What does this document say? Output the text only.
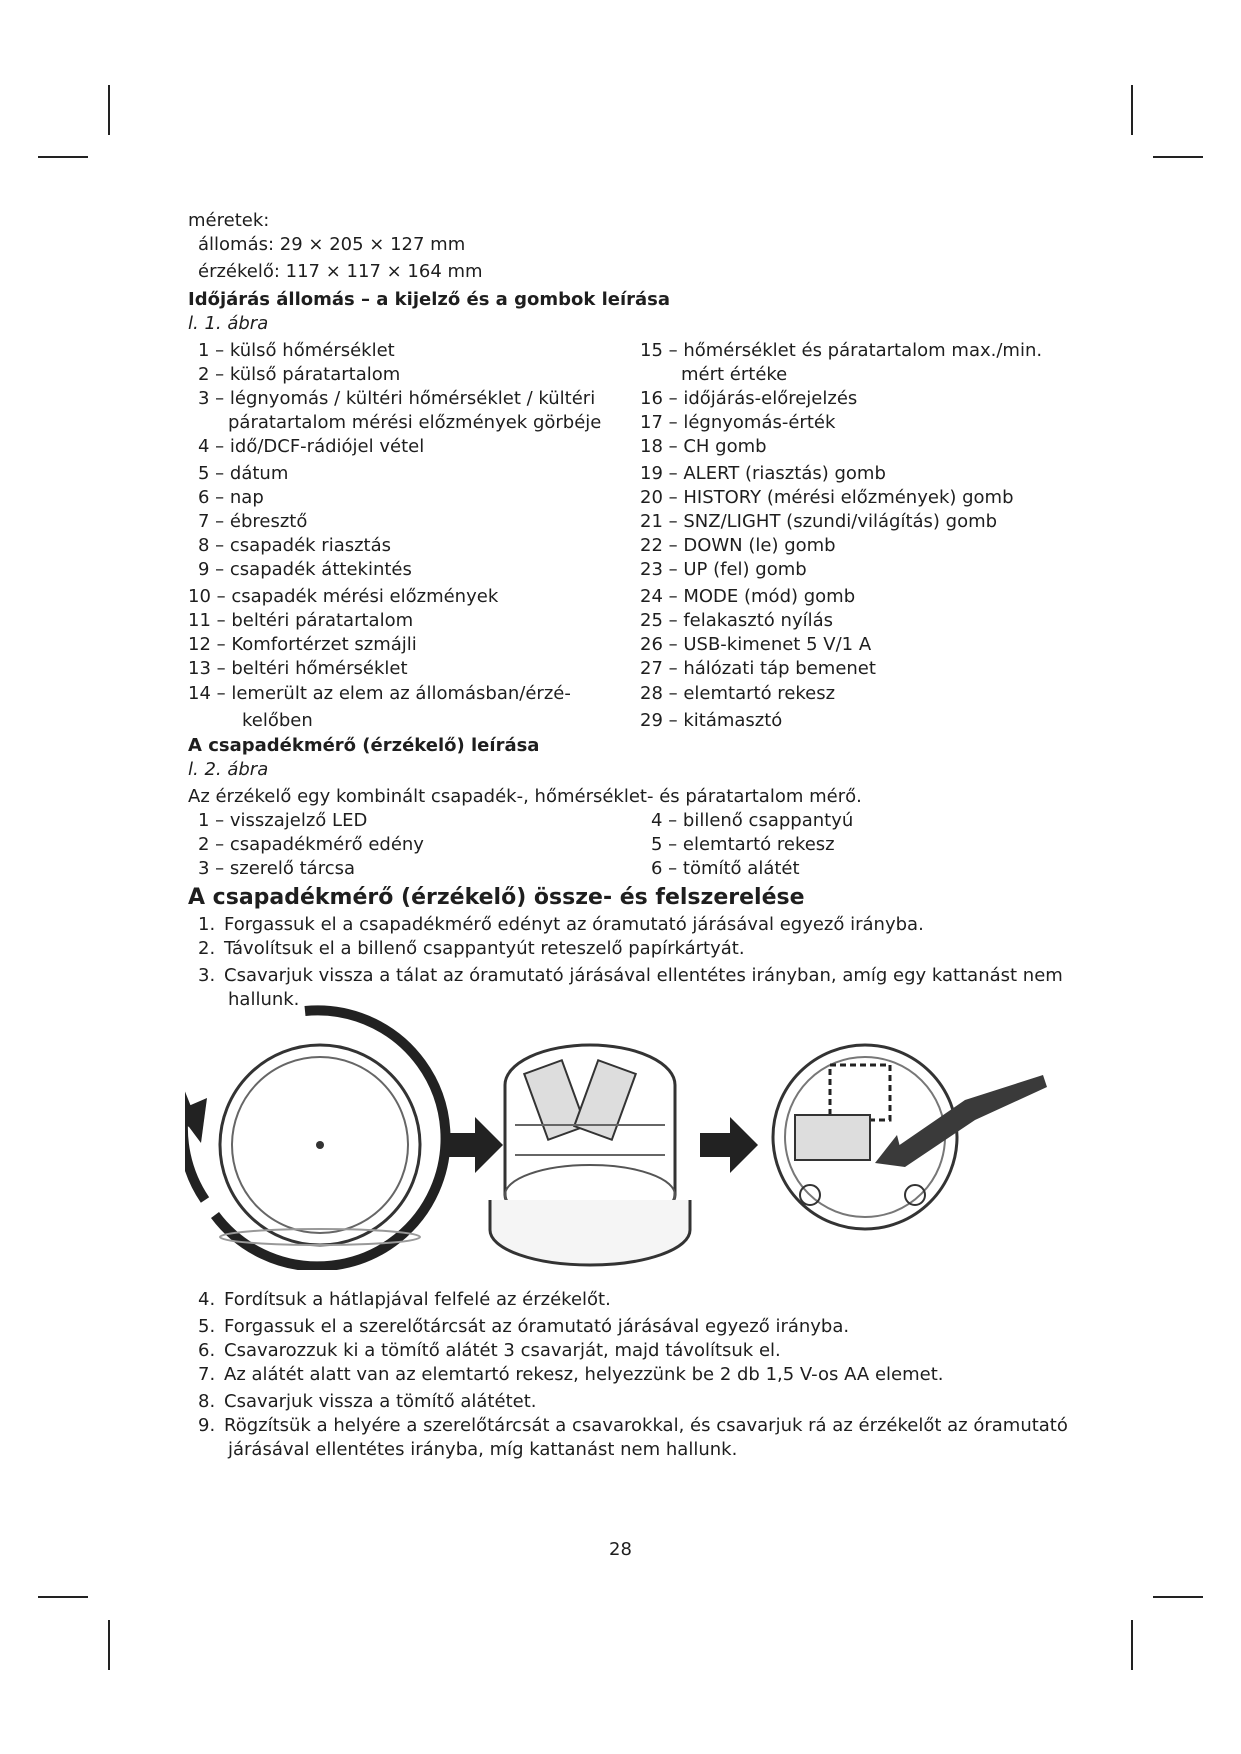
méretek:
állomás: 29 × 205 × 127 mm
érzékelő: 117 × 117 × 164 mm
Időjárás állomás – a kijelző és a gombok leírása
l. 1. ábra
1 – külső hőmérséklet
2 – külső páratartalom
3 – légnyomás / kültéri hőmérséklet / kültéri
páratartalom mérési előzmények görbéje
4 – idő/DCF-rádiójel vétel
5 – dátum
6 – nap
7 – ébresztő
8 – csapadék riasztás
9 – csapadék áttekintés
10 – csapadék mérési előzmények
11 – beltéri páratartalom
12 – Komfortérzet szmájli
13 – beltéri hőmérséklet
14 – lemerült az elem az állomásban/érzé-
kelőben
15 – hőmérséklet és páratartalom max./min.
mért értéke
16 – időjárás-előrejelzés
17 – légnyomás-érték
18 – CH gomb
19 – ALERT (riasztás) gomb
20 – HISTORY (mérési előzmények) gomb
21 – SNZ/LIGHT (szundi/világítás) gomb
22 – DOWN (le) gomb
23 – UP (fel) gomb
24 – MODE (mód) gomb
25 – felakasztó nyílás
26 – USB-kimenet 5 V/1 A
27 – hálózati táp bemenet
28 – elemtartó rekesz
29 – kitámasztó
A csapadékmérő (érzékelő) leírása
l. 2. ábra
Az érzékelő egy kombinált csapadék-, hőmérséklet- és páratartalom mérő.
1 – visszajelző LED
2 – csapadékmérő edény
3 – szerelő tárcsa
4 – billenő csappantyú
5 – elemtartó rekesz
6 – tömítő alátét
A csapadékmérő (érzékelő) össze- és felszerelése
1. Forgassuk el a csapadékmérő edényt az óramutató járásával egyező irányba.
2. Távolítsuk el a billenő csappantyút reteszelő papírkártyát.
3. Csavarjuk vissza a tálat az óramutató járásával ellentétes irányban, amíg egy kattanást nem
hallunk.
4. Fordítsuk a hátlapjával felfelé az érzékelőt.
5. Forgassuk el a szerelőtárcsát az óramutató járásával egyező irányba.
6. Csavarozzuk ki a tömítő alátét 3 csavarját, majd távolítsuk el.
7. Az alátét alatt van az elemtartó rekesz, helyezzünk be 2 db 1,5 V-os AA elemet.
8. Csavarjuk vissza a tömítő alátétet.
9. Rögzítsük a helyére a szerelőtárcsát a csavarokkal, és csavarjuk rá az érzékelőt az óramutató
járásával ellentétes irányba, míg kattanást nem hallunk.
28
